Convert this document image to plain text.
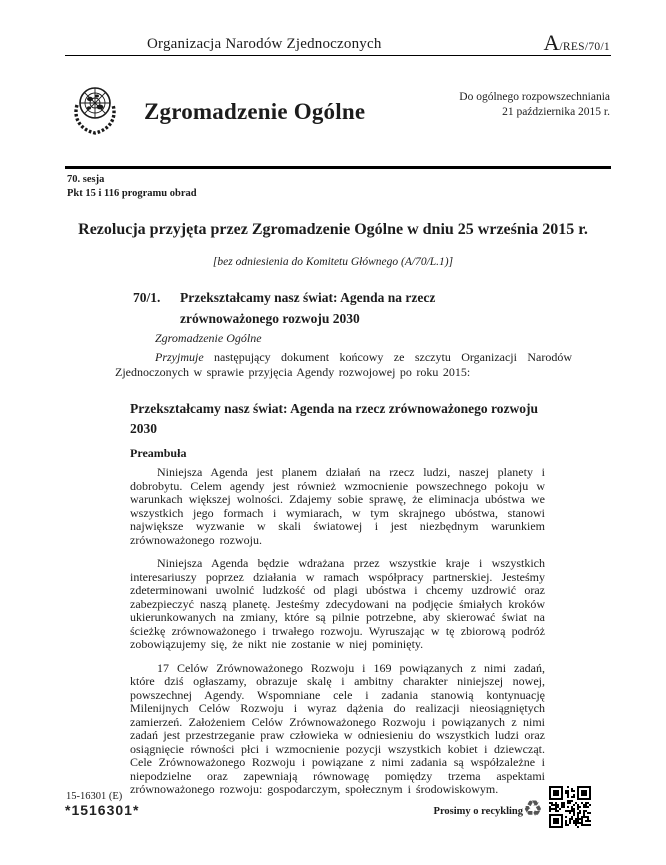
Organizacja Narodów Zjednoczonych	A/RES/70/1
Zgromadzenie Ogólne
Do ogólnego rozpowszechniania
21 października 2015 r.
70. sesja
Pkt 15 i 116 programu obrad
Rezolucja przyjęta przez Zgromadzenie Ogólne w dniu 25 września 2015 r.
[bez odniesienia do Komitetu Głównego (A/70/L.1)]
70/1.	Przekształcamy nasz świat: Agenda na rzecz
zrównoważonego rozwoju 2030
Zgromadzenie Ogólne

Przyjmuje następujący dokument końcowy ze szczytu Organizacji Narodów Zjednoczonych w sprawie przyjęcia Agendy rozwojowej po roku 2015:

Przekształcamy nasz świat: Agenda na rzecz zrównoważonego rozwoju 2030
Preambuła

Niniejsza Agenda jest planem działań na rzecz ludzi, naszej planety i dobrobytu. Celem agendy jest również wzmocnienie powszechnego pokoju w warunkach większej wolności. Zdajemy sobie sprawę, że eliminacja ubóstwa we wszystkich jego formach i wymiarach, w tym skrajnego ubóstwa, stanowi największe wyzwanie w skali światowej i jest niezbędnym warunkiem zrównoważonego rozwoju.

Niniejsza Agenda będzie wdrażana przez wszystkie kraje i wszystkich interesariuszy poprzez działania w ramach współpracy partnerskiej. Jesteśmy zdeterminowani uwolnić ludzkość od plagi ubóstwa i chcemy uzdrowić oraz zabezpieczyć naszą planetę. Jesteśmy zdecydowani na podjęcie śmiałych kroków ukierunkowanych na zmiany, które są pilnie potrzebne, aby skierować świat na ścieżkę zrównoważonego i trwałego rozwoju. Wyruszając w tę zbiorową podróż zobowiązujemy się, że nikt nie zostanie w niej pominięty.

17 Celów Zrównoważonego Rozwoju i 169 powiązanych z nimi zadań, które dziś ogłaszamy, obrazuje skalę i ambitny charakter niniejszej nowej, powszechnej Agendy. Wspomniane cele i zadania stanowią kontynuację Milenijnych Celów Rozwoju i wyraz dążenia do realizacji nieosiągniętych zamierzeń. Założeniem Celów Zrównoważonego Rozwoju i powiązanych z nimi zadań jest przestrzeganie praw człowieka w odniesieniu do wszystkich ludzi oraz osiągnięcie równości płci i wzmocnienie pozycji wszystkich kobiet i dziewcząt. Cele Zrównoważonego Rozwoju i powiązane z nimi zadania są współzależne i niepodzielne oraz zapewniają równowagę pomiędzy trzema aspektami zrównoważonego rozwoju: gospodarczym, społecznym i środowiskowym.

15-16301 (E)
*1516301*	Prosimy o recykling ♻
